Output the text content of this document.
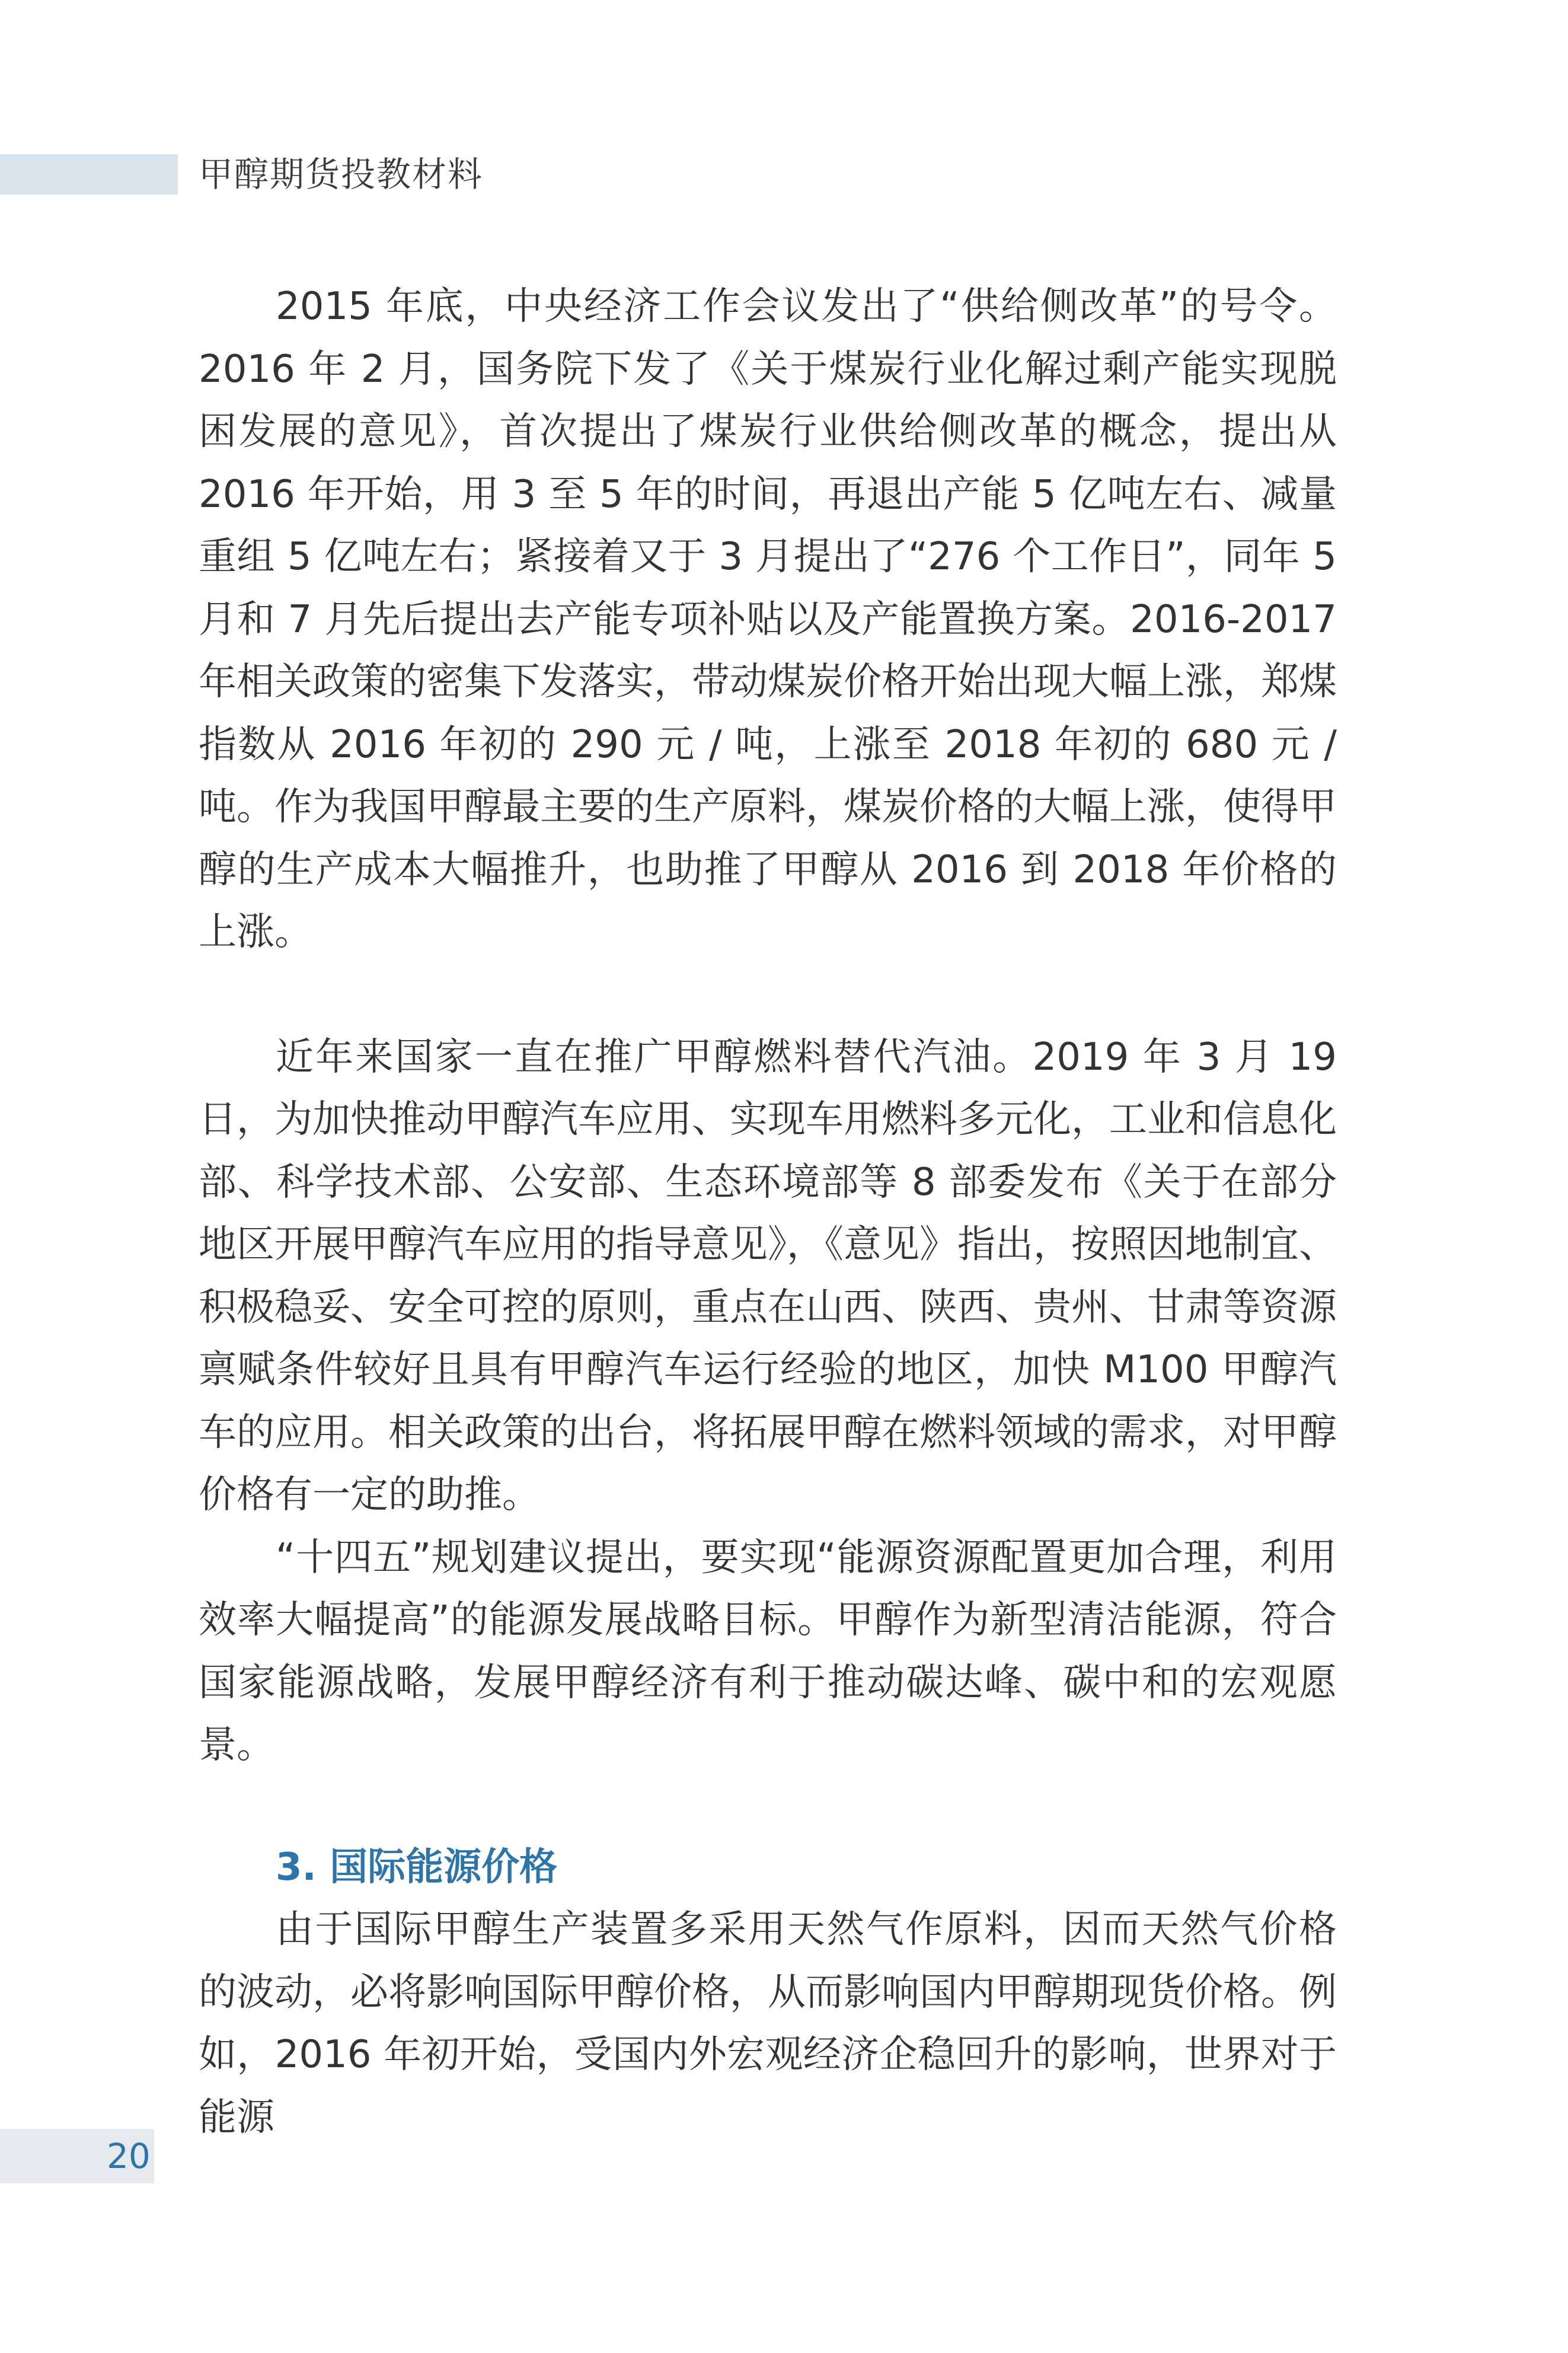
甲醇期货投教材料

2015 年底，中央经济工作会议发出了“供给侧改革”的号令。2016 年 2 月，国务院下发了《关于煤炭行业化解过剩产能实现脱困发展的意见》，首次提出了煤炭行业供给侧改革的概念，提出从 2016 年开始，用 3 至 5 年的时间，再退出产能 5 亿吨左右、减量重组 5 亿吨左右；紧接着又于 3 月提出了“276 个工作日”，同年 5 月和 7 月先后提出去产能专项补贴以及产能置换方案。2016-2017 年相关政策的密集下发落实，带动煤炭价格开始出现大幅上涨，郑煤指数从 2016 年初的 290 元 / 吨，上涨至 2018 年初的 680 元 / 吨。作为我国甲醇最主要的生产原料，煤炭价格的大幅上涨，使得甲醇的生产成本大幅推升，也助推了甲醇从 2016 到 2018 年价格的上涨。

近年来国家一直在推广甲醇燃料替代汽油。2019 年 3 月 19 日，为加快推动甲醇汽车应用、实现车用燃料多元化，工业和信息化部、科学技术部、公安部、生态环境部等 8 部委发布《关于在部分地区开展甲醇汽车应用的指导意见》，《意见》指出，按照因地制宜、积极稳妥、安全可控的原则，重点在山西、陕西、贵州、甘肃等资源禀赋条件较好且具有甲醇汽车运行经验的地区，加快 M100 甲醇汽车的应用。相关政策的出台，将拓展甲醇在燃料领域的需求，对甲醇价格有一定的助推。

“十四五”规划建议提出，要实现“能源资源配置更加合理，利用效率大幅提高”的能源发展战略目标。甲醇作为新型清洁能源，符合国家能源战略，发展甲醇经济有利于推动碳达峰、碳中和的宏观愿景。

3. 国际能源价格

由于国际甲醇生产装置多采用天然气作原料，因而天然气价格的波动，必将影响国际甲醇价格，从而影响国内甲醇期现货价格。例如，2016 年初开始，受国内外宏观经济企稳回升的影响，世界对于能源

20
